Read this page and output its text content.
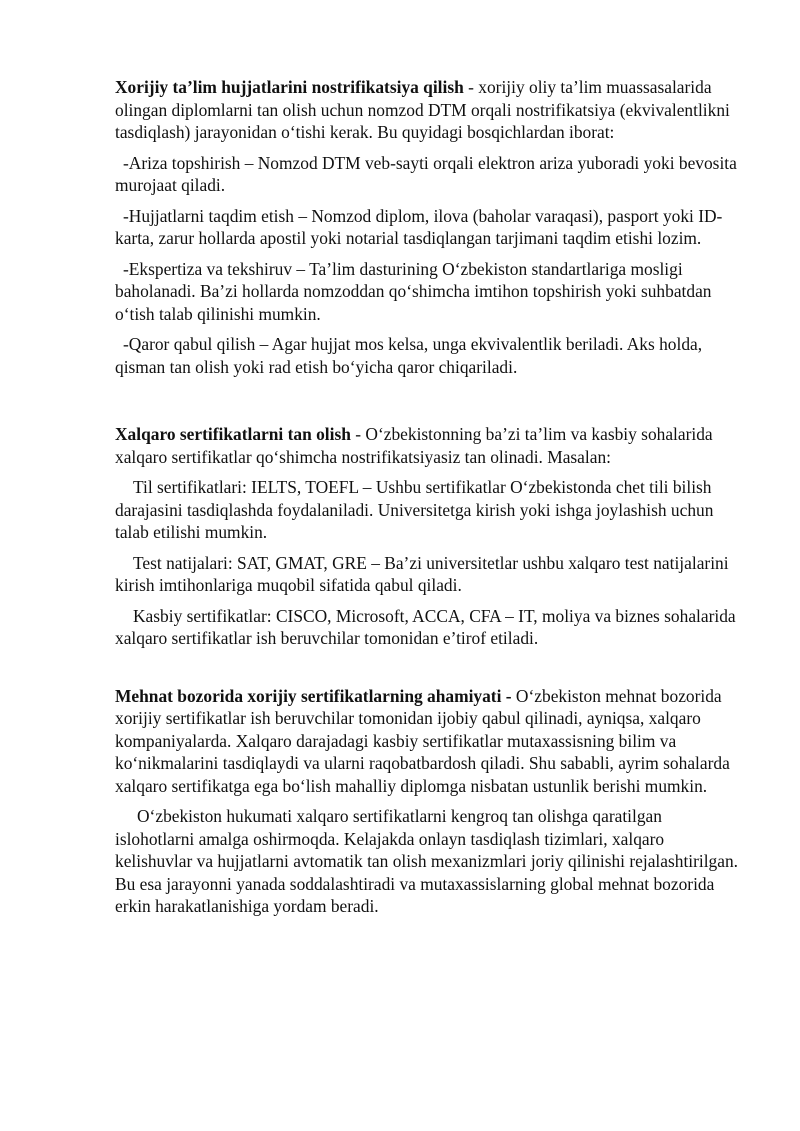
Xorijiy ta’lim hujjatlarini nostrifikatsiya qilish - xorijiy oliy ta’lim muassasalarida olingan diplomlarni tan olish uchun nomzod DTM orqali nostrifikatsiya (ekvivalentlikni tasdiqlash) jarayonidan o‘tishi kerak. Bu quyidagi bosqichlardan iborat:

-Ariza topshirish – Nomzod DTM veb-sayti orqali elektron ariza yuboradi yoki bevosita murojaat qiladi.

-Hujjatlarni taqdim etish – Nomzod diplom, ilova (baholar varaqasi), pasport yoki ID-karta, zarur hollarda apostil yoki notarial tasdiqlangan tarjimani taqdim etishi lozim.

-Ekspertiza va tekshiruv – Ta’lim dasturining O‘zbekiston standartlariga mosligi baholanadi. Ba’zi hollarda nomzoddan qo‘shimcha imtihon topshirish yoki suhbatdan o‘tish talab qilinishi mumkin.

-Qaror qabul qilish – Agar hujjat mos kelsa, unga ekvivalentlik beriladi. Aks holda, qisman tan olish yoki rad etish bo‘yicha qaror chiqariladi.

Xalqaro sertifikatlarni tan olish - O‘zbekistonning ba’zi ta’lim va kasbiy sohalarida xalqaro sertifikatlar qo‘shimcha nostrifikatsiyasiz tan olinadi. Masalan:

Til sertifikatlari: IELTS, TOEFL – Ushbu sertifikatlar O‘zbekistonda chet tili bilish darajasini tasdiqlashda foydalaniladi. Universitetga kirish yoki ishga joylashish uchun talab etilishi mumkin.

Test natijalari: SAT, GMAT, GRE – Ba’zi universitetlar ushbu xalqaro test natijalarini kirish imtihonlariga muqobil sifatida qabul qiladi.

Kasbiy sertifikatlar: CISCO, Microsoft, ACCA, CFA – IT, moliya va biznes sohalarida xalqaro sertifikatlar ish beruvchilar tomonidan e’tirof etiladi.

Mehnat bozorida xorijiy sertifikatlarning ahamiyati - O‘zbekiston mehnat bozorida xorijiy sertifikatlar ish beruvchilar tomonidan ijobiy qabul qilinadi, ayniqsa, xalqaro kompaniyalarda. Xalqaro darajadagi kasbiy sertifikatlar mutaxassisning bilim va ko‘nikmalarini tasdiqlaydi va ularni raqobatbardosh qiladi. Shu sababli, ayrim sohalarda xalqaro sertifikatga ega bo‘lish mahalliy diplomga nisbatan ustunlik berishi mumkin.

O‘zbekiston hukumati xalqaro sertifikatlarni kengroq tan olishga qaratilgan islohotlarni amalga oshirmoqda. Kelajakda onlayn tasdiqlash tizimlari, xalqaro kelishuvlar va hujjatlarni avtomatik tan olish mexanizmlari joriy qilinishi rejalashtirilgan. Bu esa jarayonni yanada soddalashtiradi va mutaxassislarning global mehnat bozorida erkin harakatlanishiga yordam beradi.
